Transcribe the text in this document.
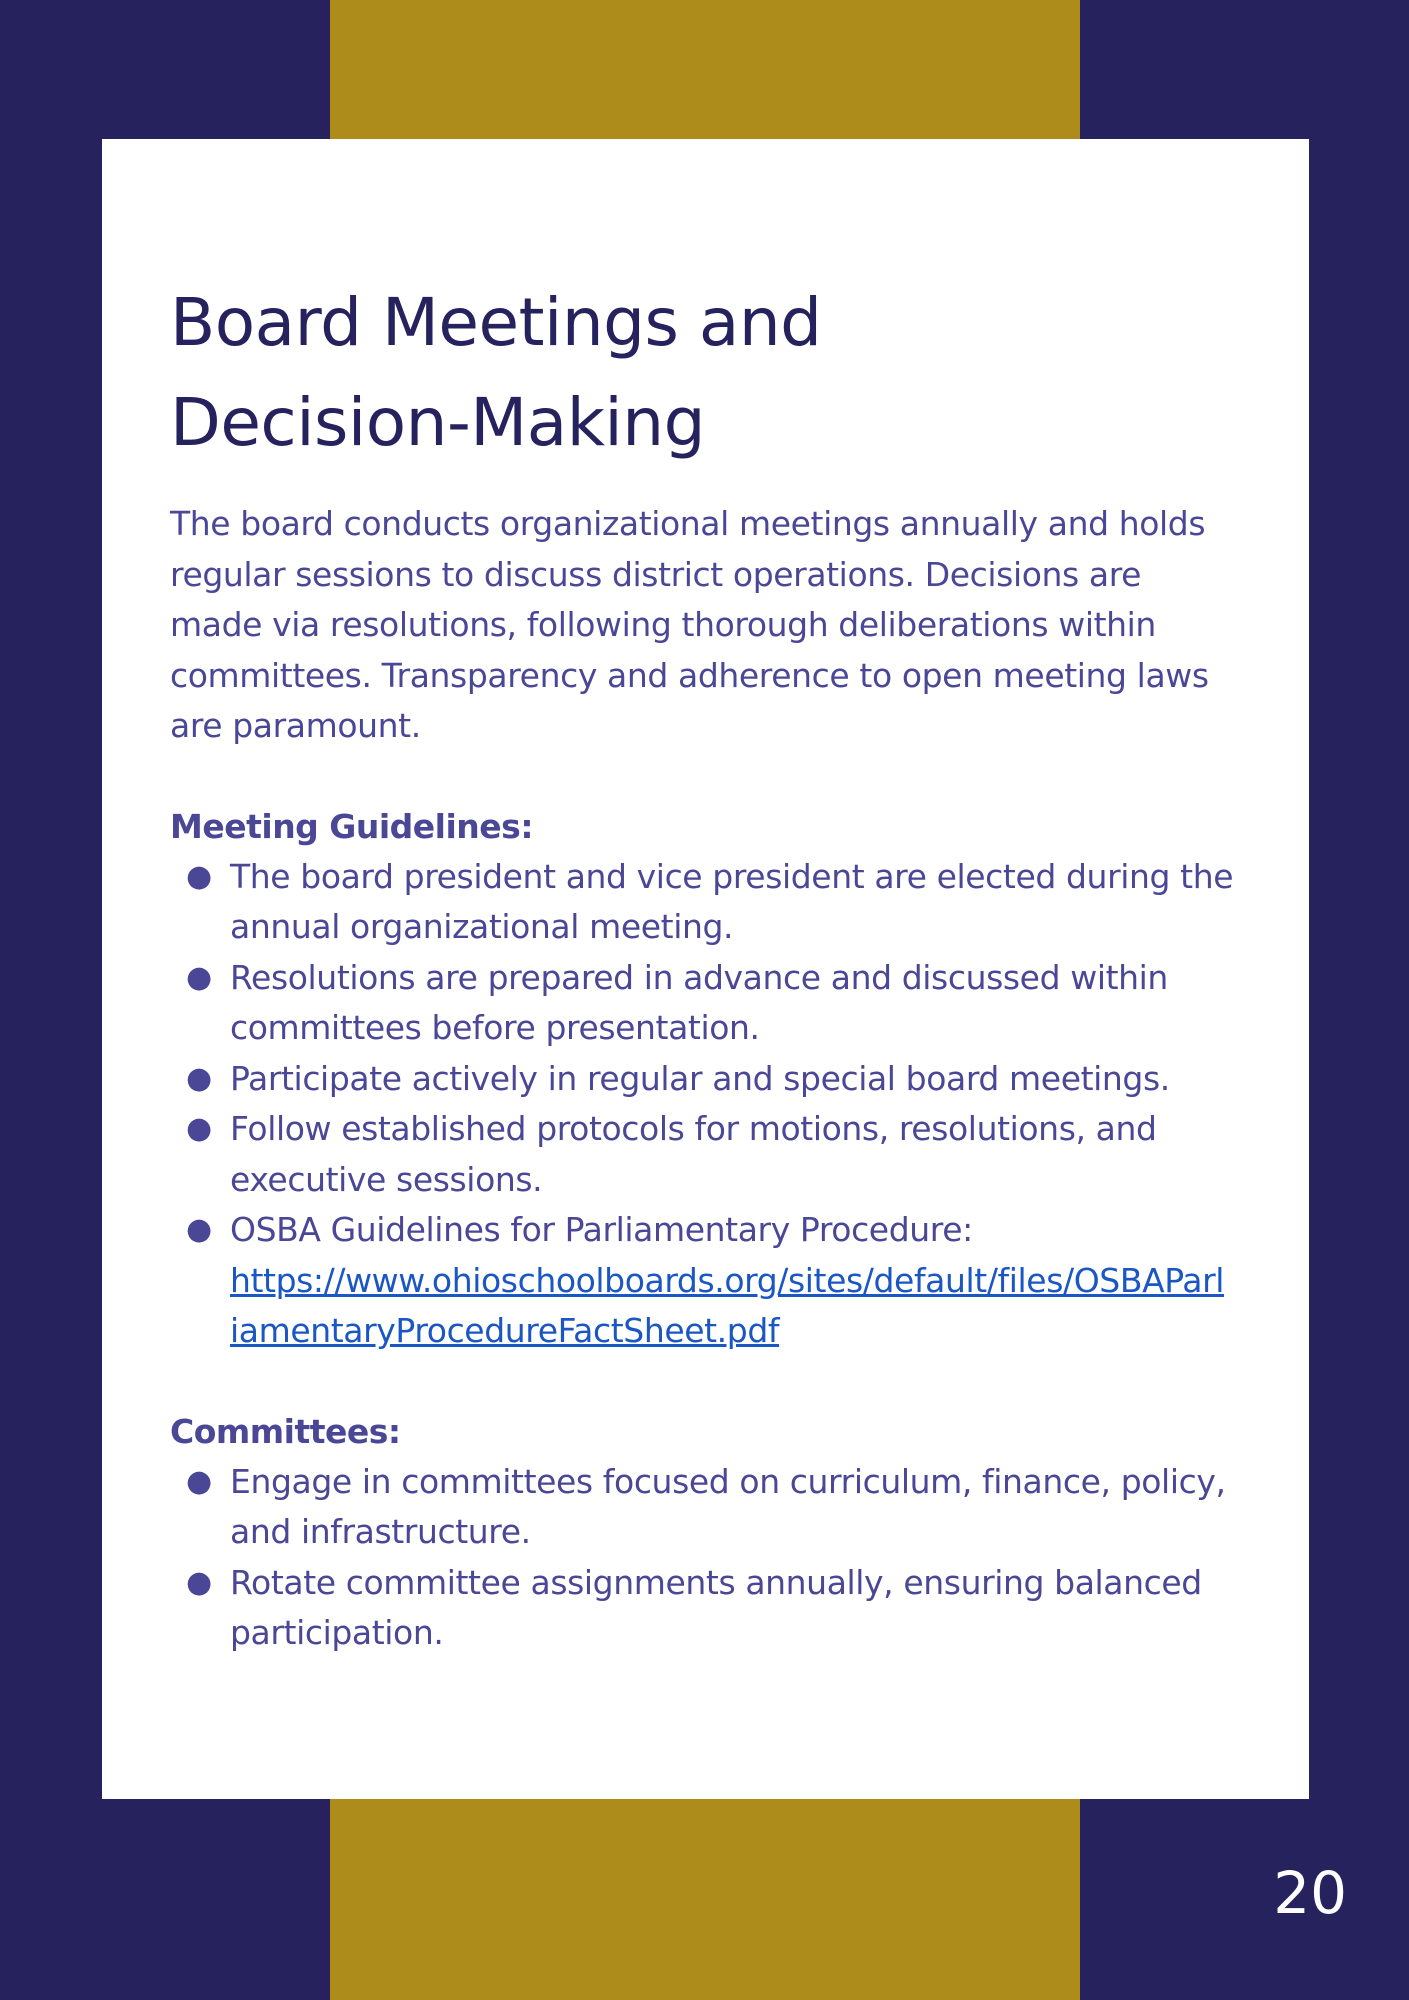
Board Meetings and
Decision-Making

The board conducts organizational meetings annually and holds regular sessions to discuss district operations. Decisions are made via resolutions, following thorough deliberations within committees. Transparency and adherence to open meeting laws are paramount.

Meeting Guidelines:
● The board president and vice president are elected during the annual organizational meeting.
● Resolutions are prepared in advance and discussed within committees before presentation.
● Participate actively in regular and special board meetings.
● Follow established protocols for motions, resolutions, and executive sessions.
● OSBA Guidelines for Parliamentary Procedure:
https://www.ohioschoolboards.org/sites/default/files/OSBAParliamentaryProcedureFactSheet.pdf
Committees:
● Engage in committees focused on curriculum, finance, policy, and infrastructure.
● Rotate committee assignments annually, ensuring balanced participation.
20
